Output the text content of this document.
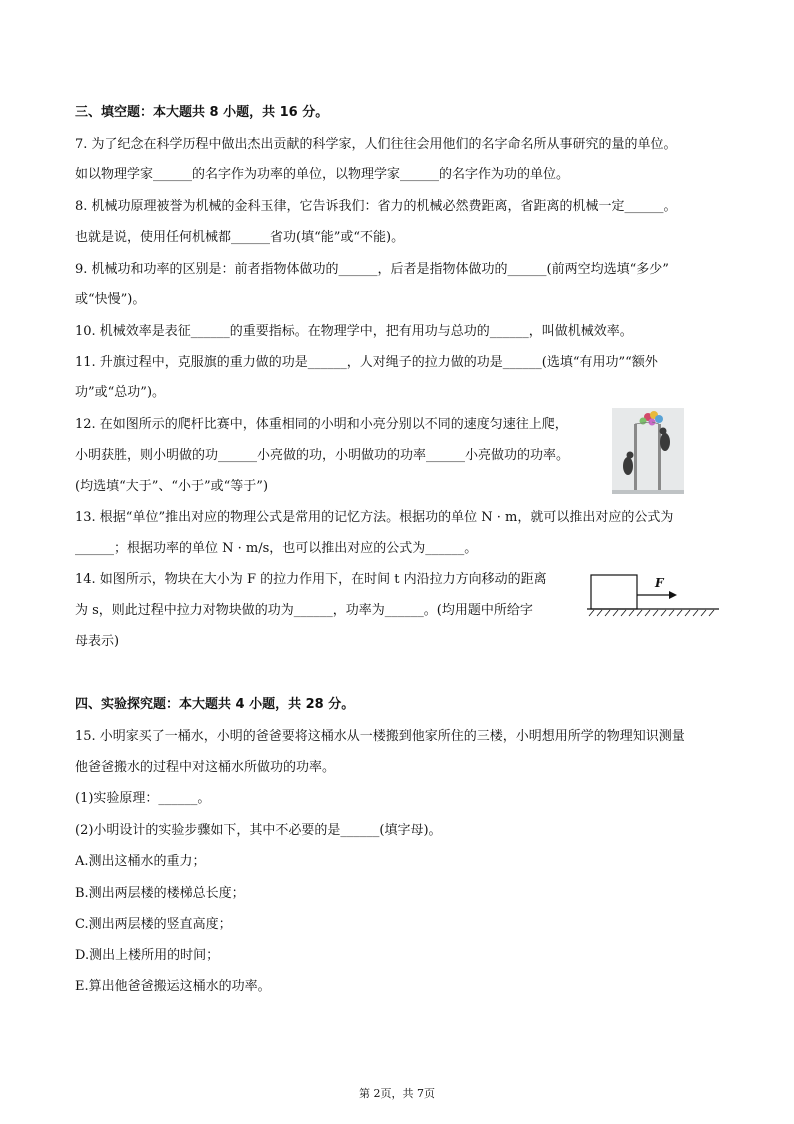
三、填空题：本大题共 8 小题，共 16 分。
7. 为了纪念在科学历程中做出杰出贡献的科学家，人们往往会用他们的名字命名所从事研究的量的单位。
如以物理学家______的名字作为功率的单位，以物理学家______的名字作为功的单位。
8. 机械功原理被誉为机械的金科玉律，它告诉我们：省力的机械必然费距离，省距离的机械一定______。
也就是说，使用任何机械都______省功(填“能”或“不能)。
9. 机械功和功率的区别是：前者指物体做功的______，后者是指物体做功的______(前两空均选填“多少”
或“快慢”)。
10. 机械效率是表征______的重要指标。在物理学中，把有用功与总功的______，叫做机械效率。
11. 升旗过程中，克服旗的重力做的功是______，人对绳子的拉力做的功是______(选填“有用功”“额外
功”或“总功”)。
12. 在如图所示的爬杆比赛中，体重相同的小明和小亮分别以不同的速度匀速往上爬，
小明获胜，则小明做的功______小亮做的功，小明做功的功率______小亮做功的功率。
(均选填“大于”、“小于”或“等于”)
13. 根据“单位”推出对应的物理公式是常用的记忆方法。根据功的单位 N · m，就可以推出对应的公式为
______；根据功率的单位 N · m/s，也可以推出对应的公式为______。
14. 如图所示，物块在大小为 F 的拉力作用下，在时间 t 内沿拉力方向移动的距离
为 s，则此过程中拉力对物块做的功为______，功率为______。(均用题中所给字
母表示)
F
四、实验探究题：本大题共 4 小题，共 28 分。
15. 小明家买了一桶水，小明的爸爸要将这桶水从一楼搬到他家所住的三楼，小明想用所学的物理知识测量
他爸爸搬水的过程中对这桶水所做功的功率。
(1)实验原理：______。
(2)小明设计的实验步骤如下，其中不必要的是______(填字母)。
A.测出这桶水的重力；
B.测出两层楼的楼梯总长度；
C.测出两层楼的竖直高度；
D.测出上楼所用的时间；
E.算出他爸爸搬运这桶水的功率。
第 2页，共 7页
